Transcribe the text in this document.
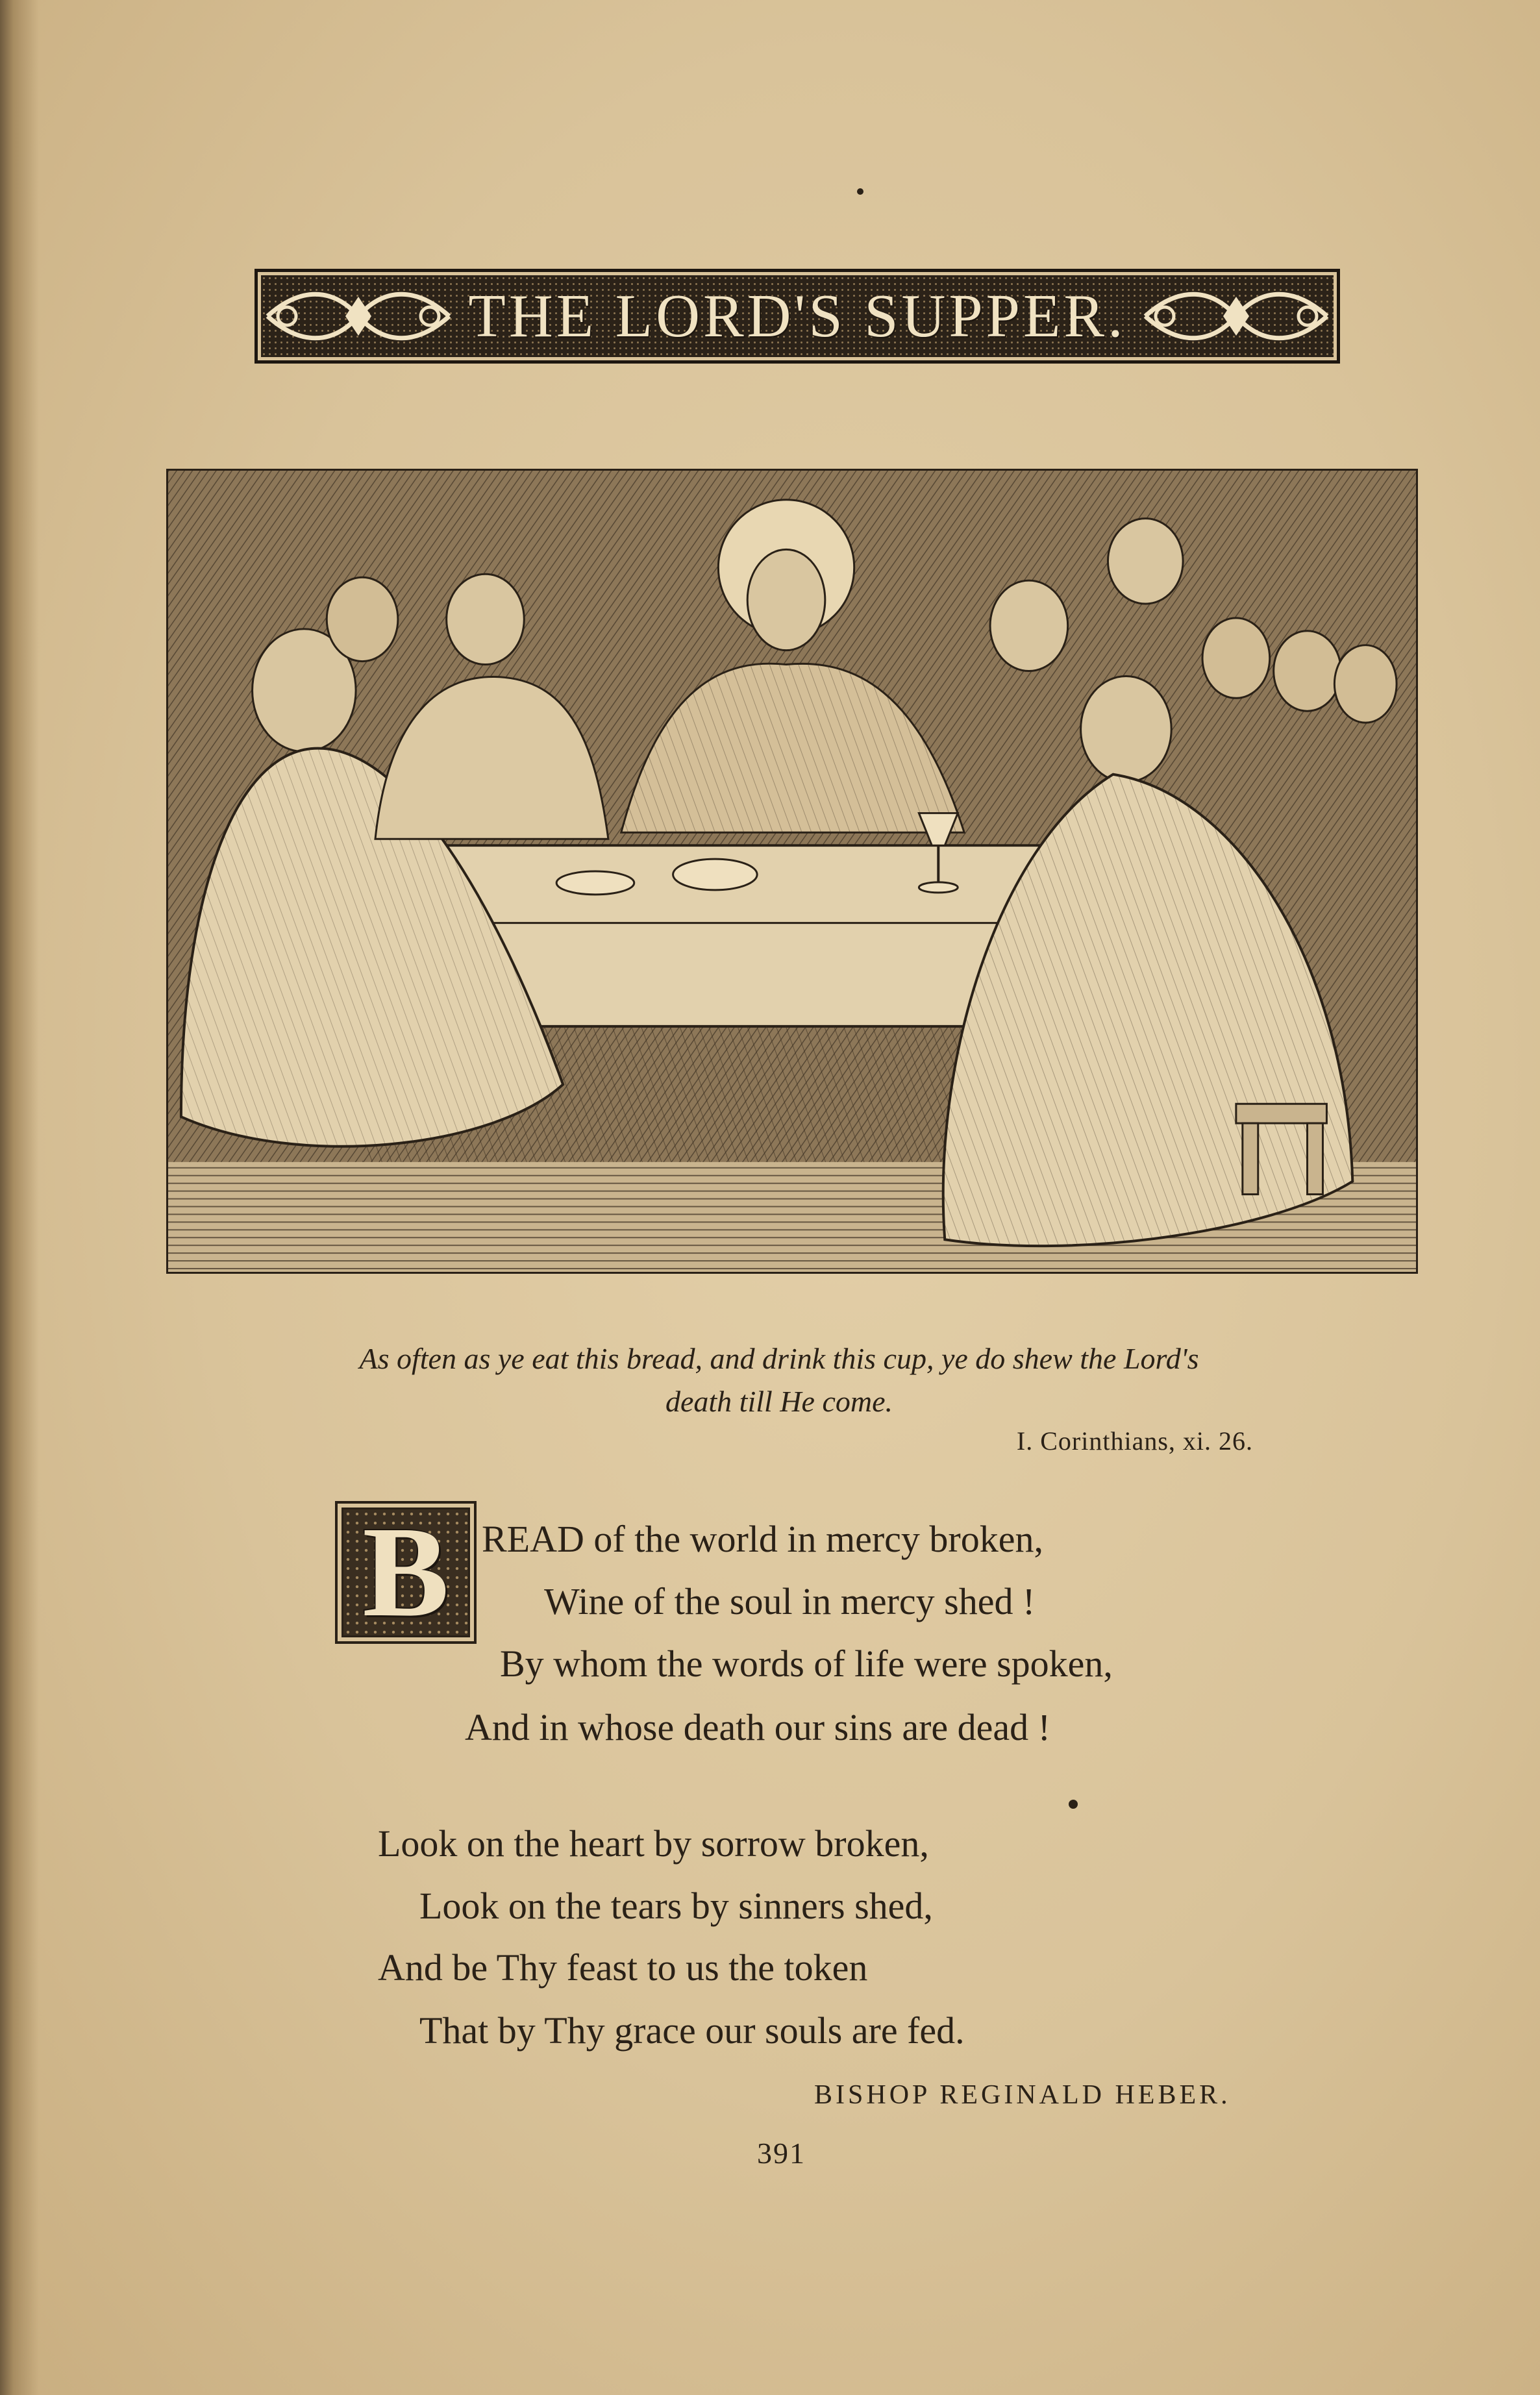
THE LORD'S SUPPER.
As often as ye eat this bread, and drink this cup, ye do shew the Lord's
death till He come.
I. Corinthians, xi. 26.
B READ of the world in mercy broken,
Wine of the soul in mercy shed !
By whom the words of life were spoken,
And in whose death our sins are dead !
Look on the heart by sorrow broken,
Look on the tears by sinners shed,
And be Thy feast to us the token
That by Thy grace our souls are fed.
BISHOP REGINALD HEBER.
391
